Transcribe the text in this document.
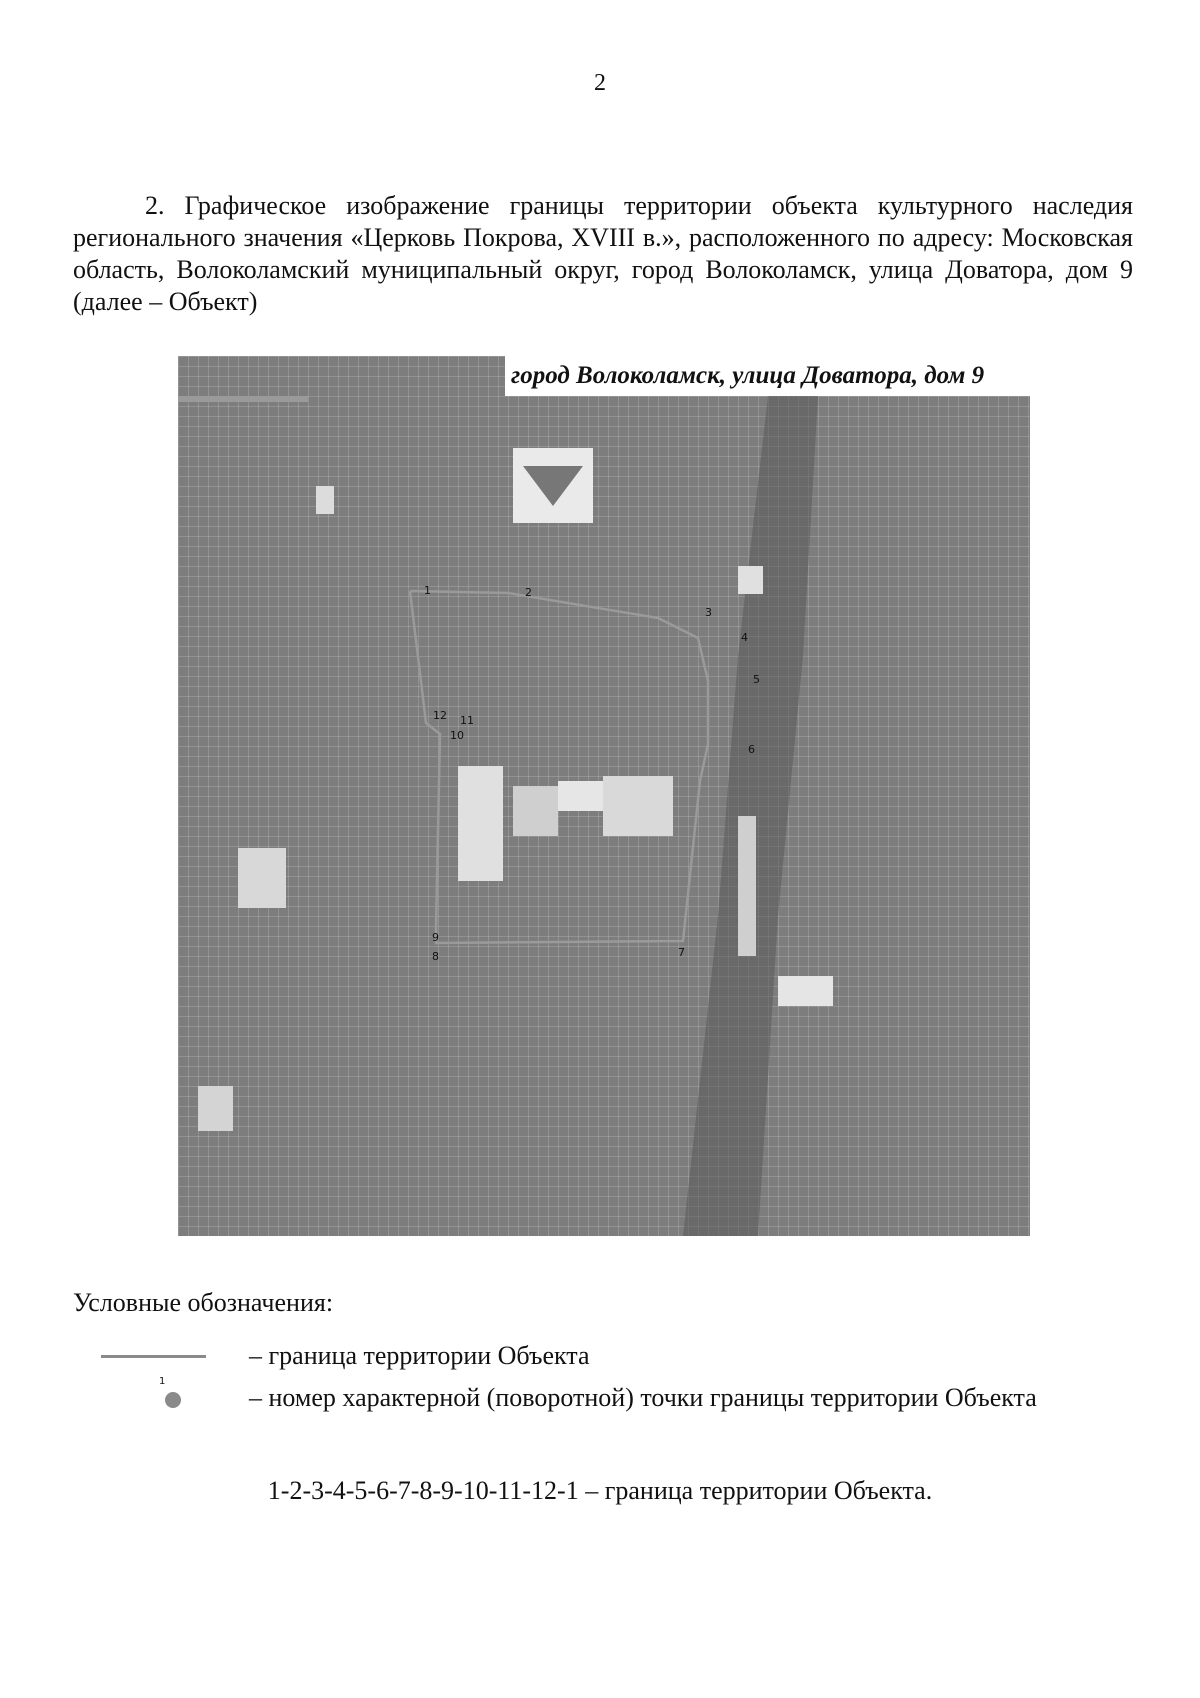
2

2. Графическое изображение границы территории объекта культурного наследия регионального значения «Церковь Покрова, XVIII в.», расположенного по адресу: Московская область, Волоколамский муниципальный округ, город Волоколамск, улица Доватора, дом 9 (далее – Объект)

город Волоколамск, улица Доватора, дом 9
1	2
3
4
5
6
7
8
9
10
11
12
Условные обозначения:
– граница территории Объекта
1
– номер характерной (поворотной) точки границы территории Объекта
1-2-3-4-5-6-7-8-9-10-11-12-1 – граница территории Объекта.
